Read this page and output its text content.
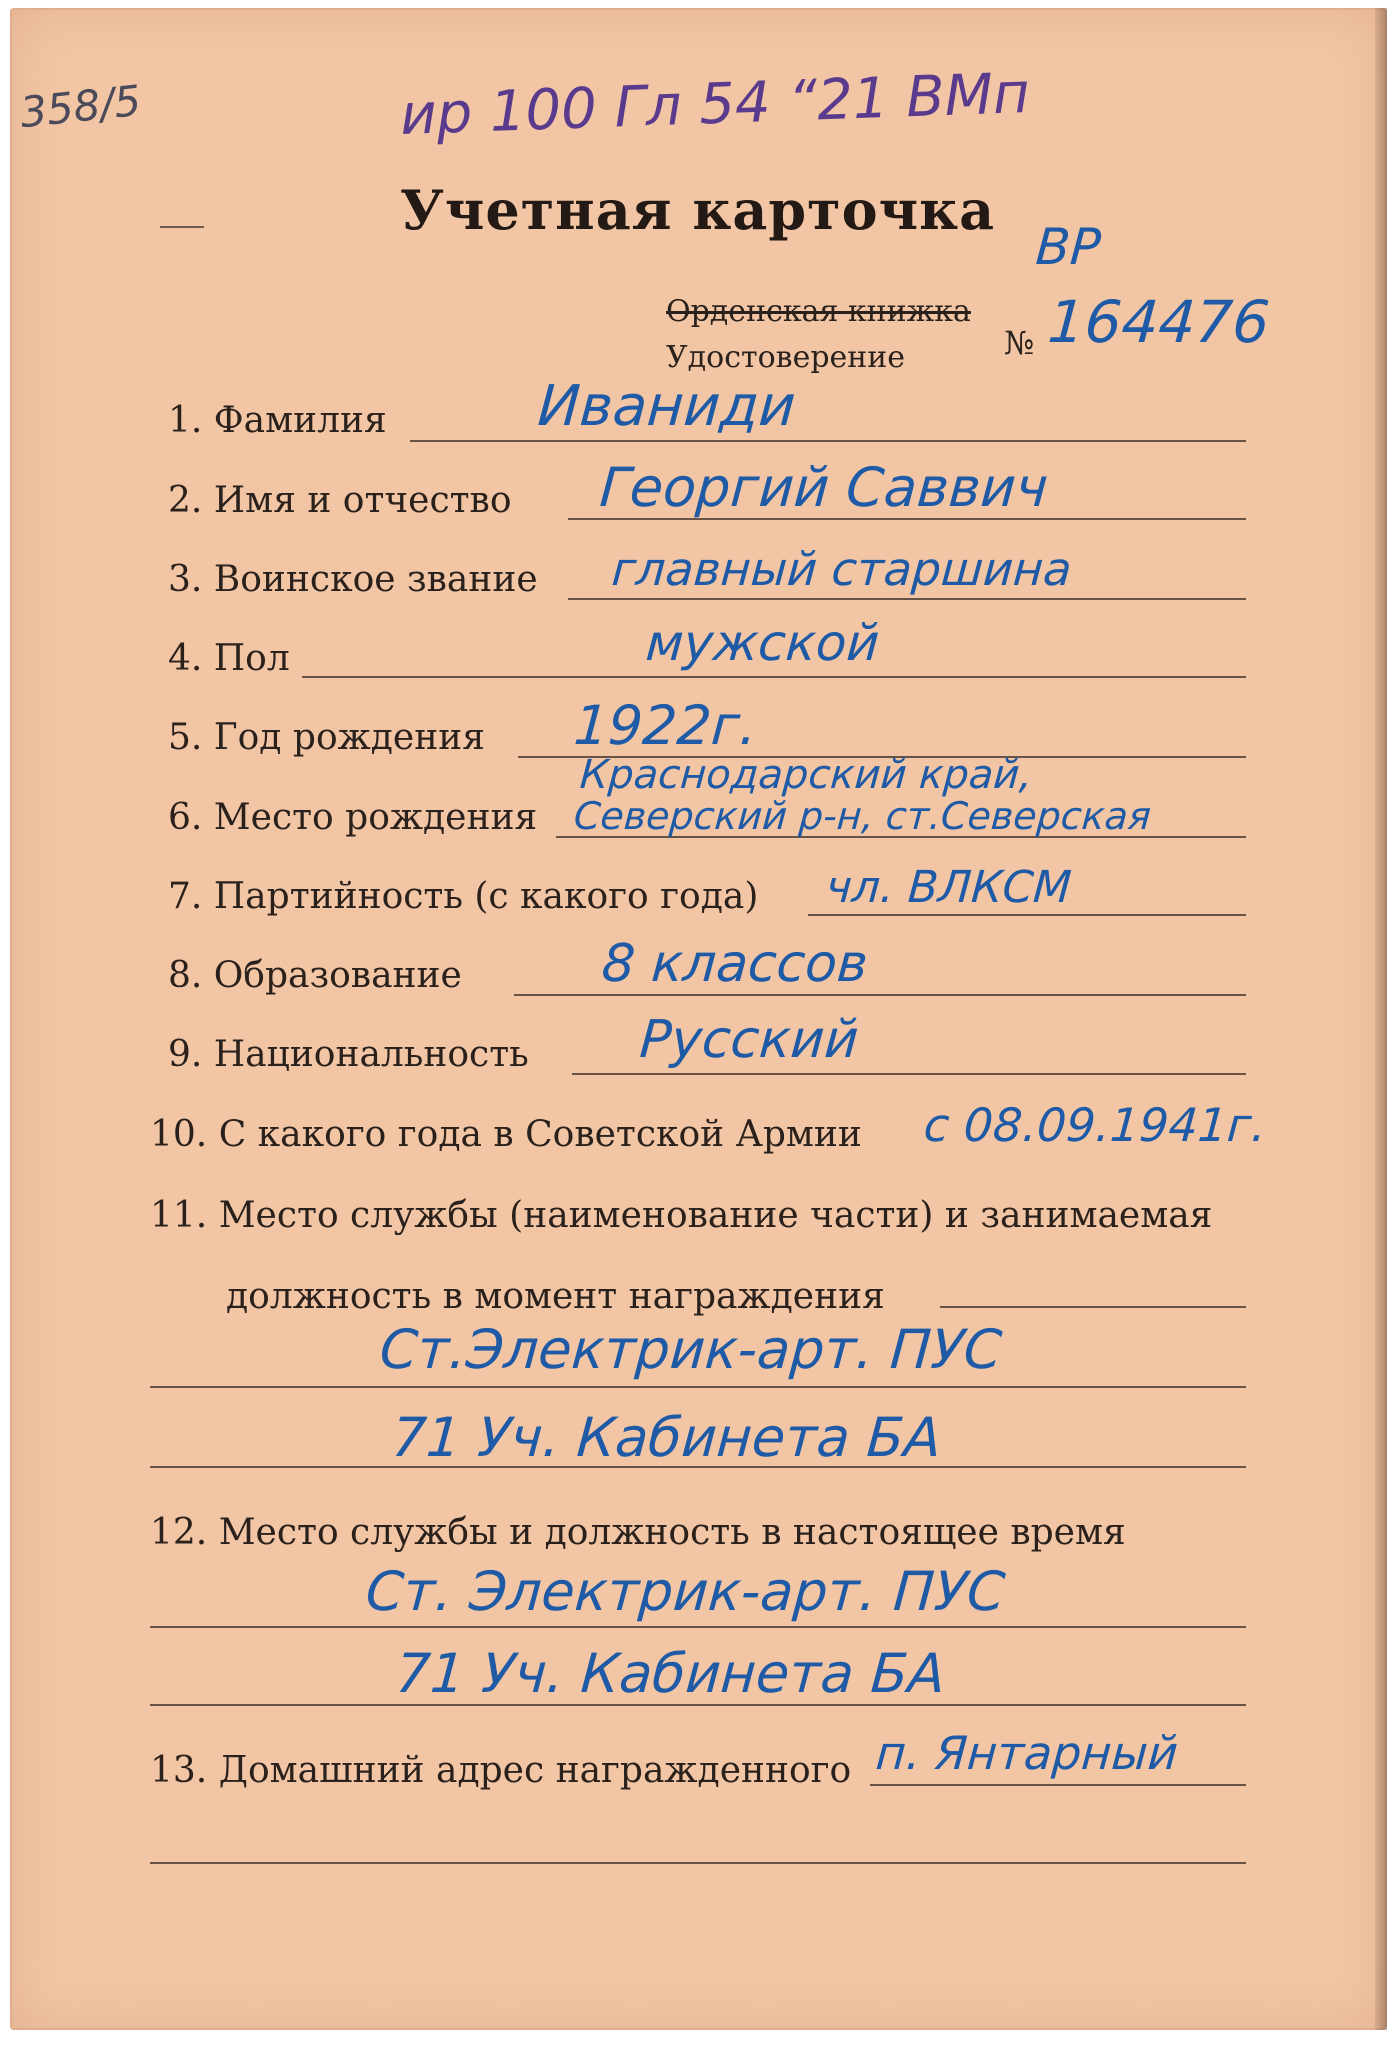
358/5	ир 100 Гл 54 “21 ВМп
Учетная карточка
ВР
Орденская книжка
Удостоверение	№ 164476
1. Фамилия	Иваниди
2. Имя и отчество Георгий Саввич
3. Воинское звание главный старшина
4. Пол	мужской
5. Год рождения 1922г.
6. Место рождения
Краснодарский край,
Северский р-н, ст.Северская
7. Партийность (с какого года) чл. ВЛКСМ
8. Образование	8 классов
9. Национальность Русский
10. С какого года в Советской Армии с 08.09.1941г.
11. Место службы (наименование части) и занимаемая
должность в момент награждения
Ст.Электрик-арт. ПУС
71 Уч. Кабинета БА
12. Место службы и должность в настоящее время
Ст. Электрик-арт. ПУС
71 Уч. Кабинета БА
13. Домашний адрес награжденного п. Янтарный
